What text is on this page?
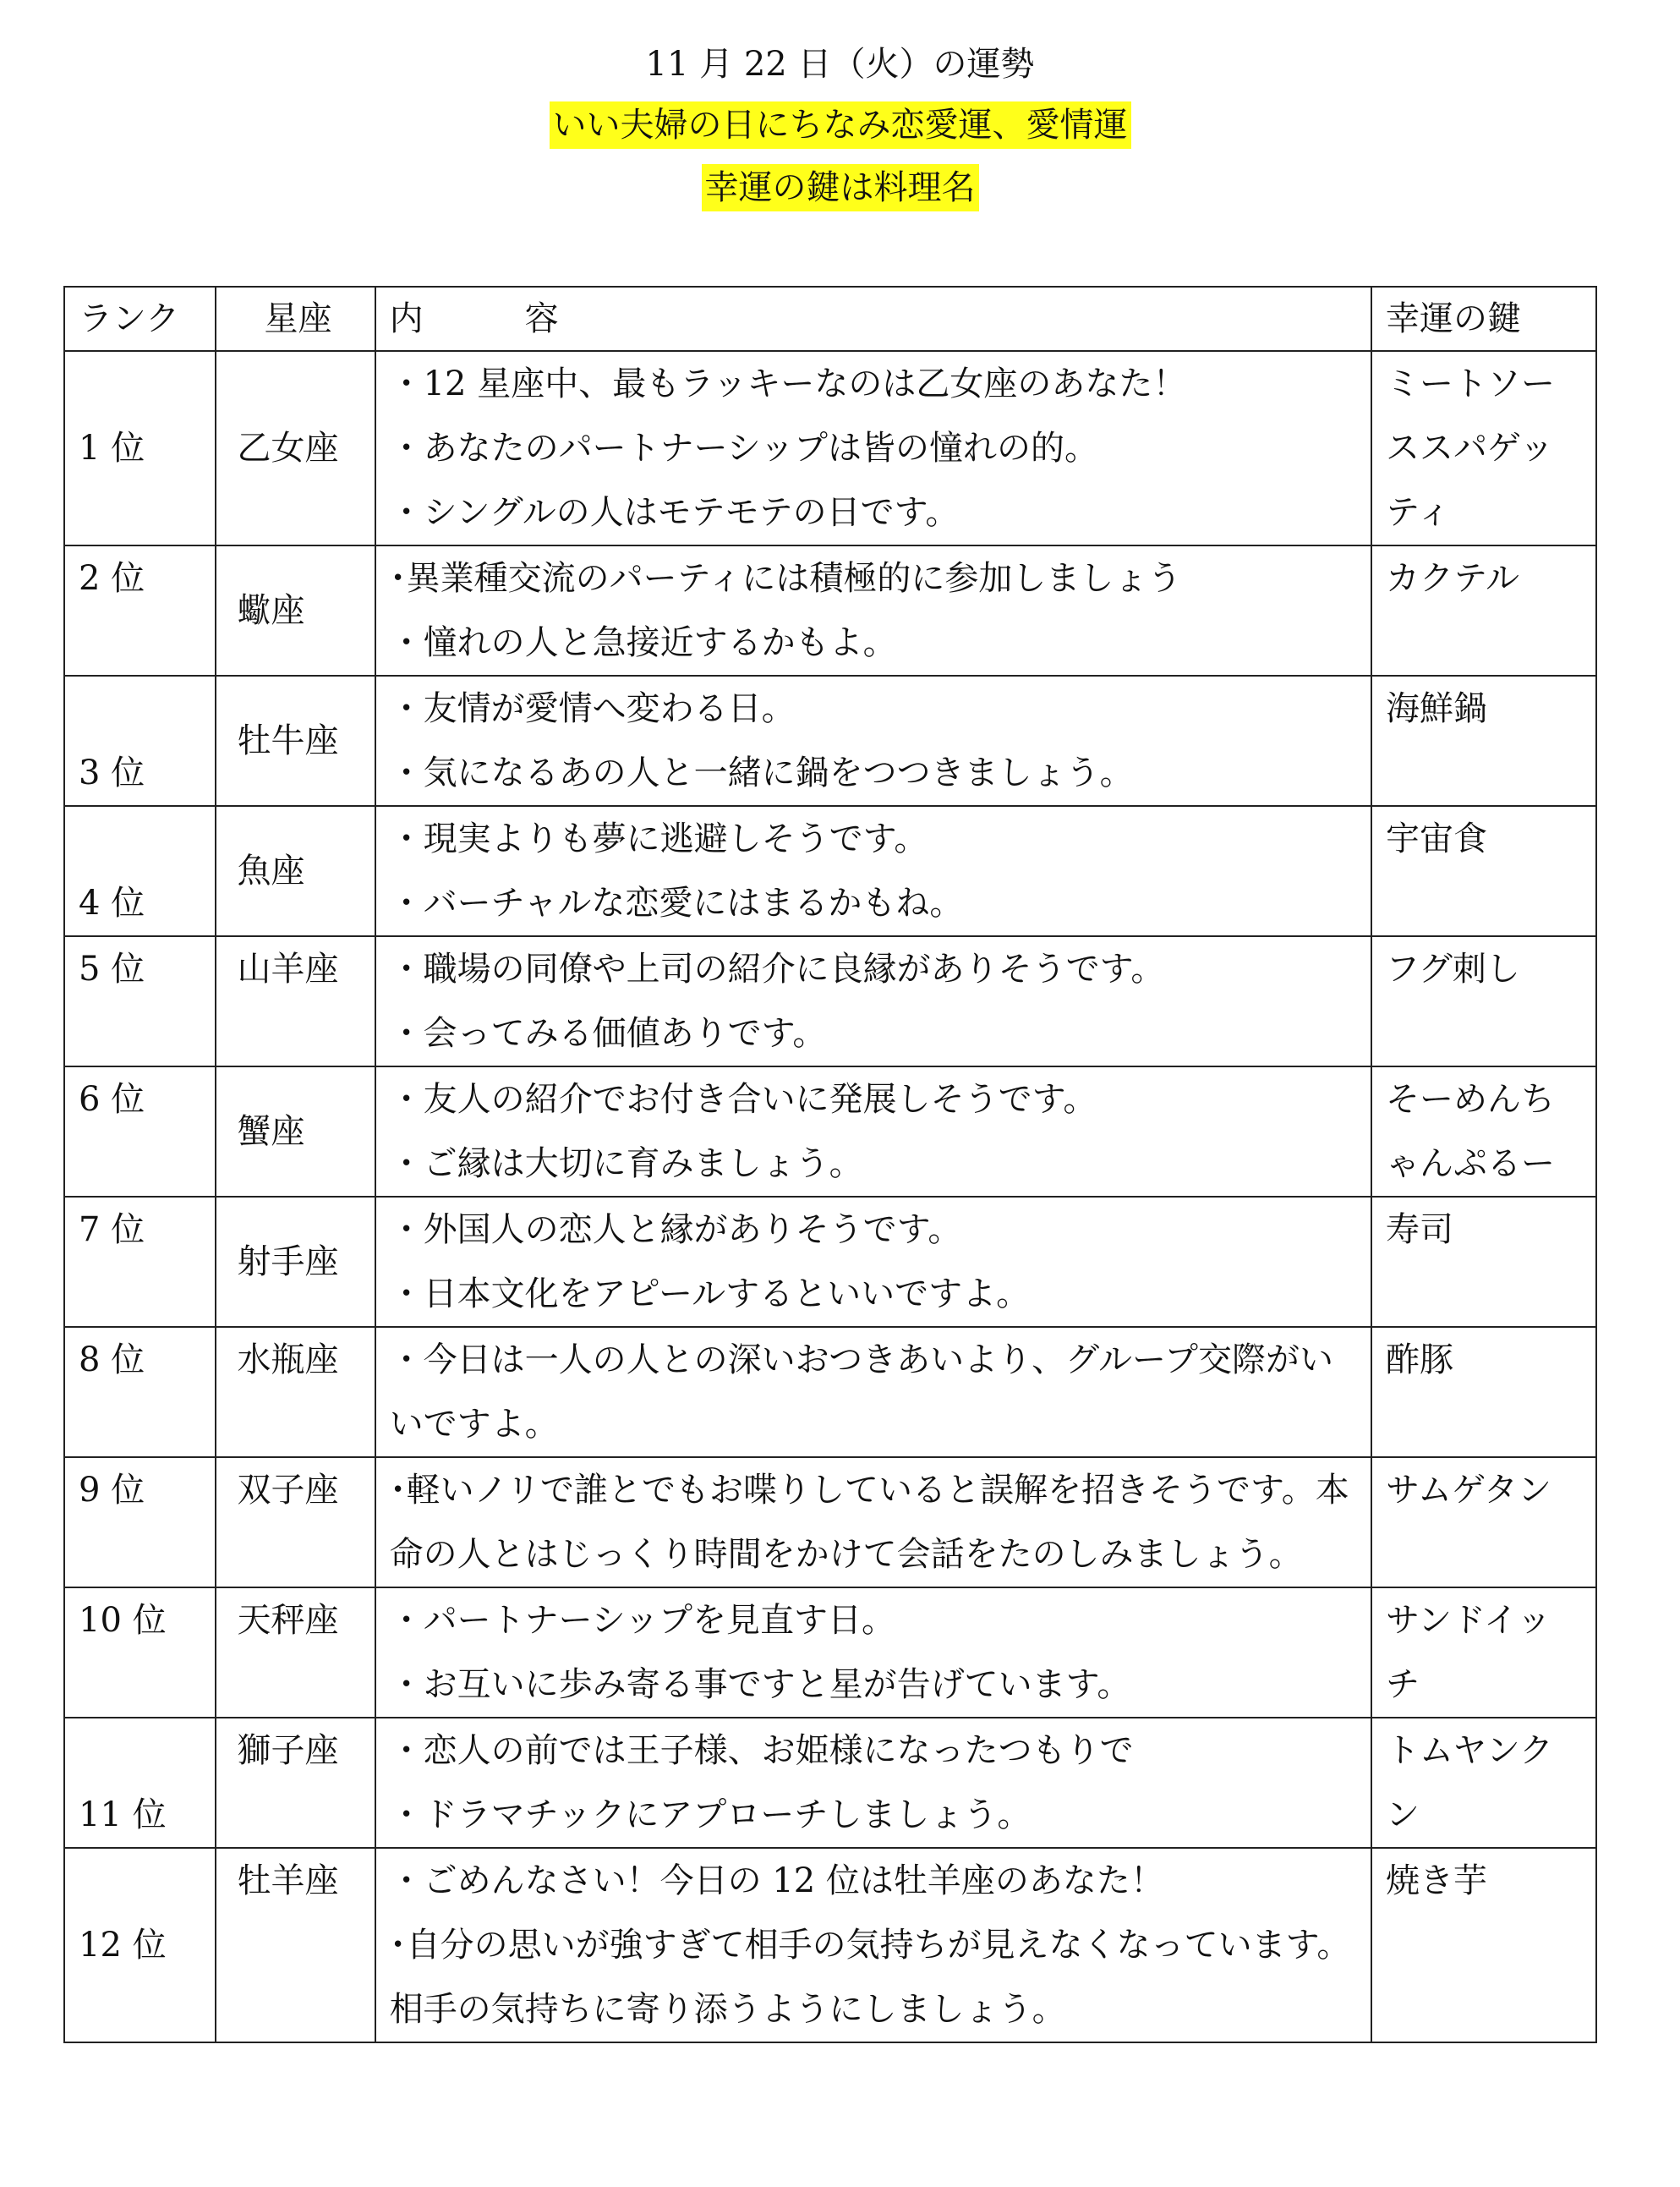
11 月 22 日（火）の運勢
いい夫婦の日にちなみ恋愛運、愛情運
幸運の鍵は料理名
ランク	星座	内　　　容	幸運の鍵
1 位	乙女座	・12 星座中、最もラッキーなのは乙女座のあなた！
・あなたのパートナーシップは皆の憧れの的。
・シングルの人はモテモテの日です。	ミートソーススパゲッティ
2 位	蠍座	･異業種交流のパーティには積極的に参加しましょう
・憧れの人と急接近するかもよ。	カクテル
3 位	牡牛座	・友情が愛情へ変わる日。
・気になるあの人と一緒に鍋をつつきましょう。	海鮮鍋
4 位	魚座	・現実よりも夢に逃避しそうです。
・バーチャルな恋愛にはまるかもね。	宇宙食
5 位	山羊座	・職場の同僚や上司の紹介に良縁がありそうです。
・会ってみる価値ありです。	フグ刺し
6 位	蟹座	・友人の紹介でお付き合いに発展しそうです。
・ご縁は大切に育みましょう。	そーめんちゃんぷるー
7 位	射手座	・外国人の恋人と縁がありそうです。
・日本文化をアピールするといいですよ。	寿司
8 位	水瓶座	・今日は一人の人との深いおつきあいより、グループ交際がいいですよ。	酢豚
9 位	双子座	･軽いノリで誰とでもお喋りしていると誤解を招きそうです。本命の人とはじっくり時間をかけて会話をたのしみましょう。	サムゲタン
10 位	天秤座	・パートナーシップを見直す日。
・お互いに歩み寄る事ですと星が告げています。	サンドイッチ
11 位	獅子座	・恋人の前では王子様、お姫様になったつもりで
・ドラマチックにアプローチしましょう。	トムヤンクン
12 位	牡羊座	・ごめんなさい！今日の 12 位は牡羊座のあなた！
･自分の思いが強すぎて相手の気持ちが見えなくなっています。相手の気持ちに寄り添うようにしましょう。	焼き芋
